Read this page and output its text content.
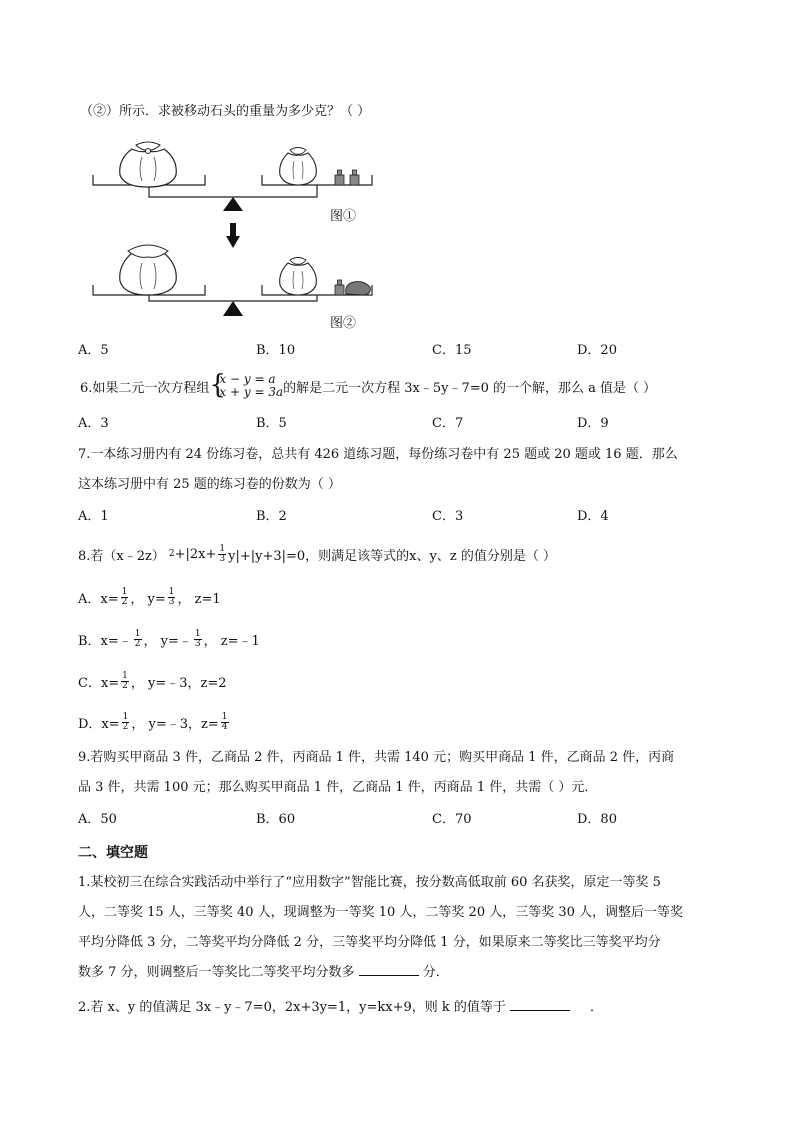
（②）所示．求被移动石头的重量为多少克？（ ）
图①
图②
A．5	B．10	C．15	D．20
6.如果二元一次方程组 {
x − y = a
x + y = 3a 的解是二元一次方程 3x﹣5y﹣7=0 的一个解，那么 a 值是（ ）
A．3	B．5	C．7	D．9
7.一本练习册内有 24 份练习卷，总共有 426 道练习题，每份练习卷中有 25 题或 20 题或 16 题．那么
这本练习册中有 25 题的练习卷的份数为（ ）
A．1	B．2	C．3	D．4
8.若（x﹣2z） $2 +|2x+ \frac{1}{3} y|+|y+3|=0$，则满足该等式的x、y、z 的值分别是（ ）
A．$x= \frac{1}{2}$ ， $y= \frac{1}{3}$ ， z=1
B．x=﹣ $\frac{1}{2}$ ， y=﹣ $\frac{1}{3}$ ， z=﹣1
C．$x= \frac{1}{2}$ ， y=﹣3，z=2
D．$x= \frac{1}{2}$ ， y=﹣3，$z= \frac{1}{4}$
9.若购买甲商品 3 件，乙商品 2 件，丙商品 1 件，共需 140 元；购买甲商品 1 件，乙商品 2 件，丙商
品 3 件，共需 100 元；那么购买甲商品 1 件，乙商品 1 件，丙商品 1 件，共需（ ）元．
A．50	B．60	C．70	D．80
二、填空题
1.某校初三在综合实践活动中举行了“应用数字”智能比赛，按分数高低取前 60 名获奖，原定一等奖 5
人，二等奖 15 人，三等奖 40 人，现调整为一等奖 10 人，二等奖 20 人，三等奖 30 人，调整后一等奖
平均分降低 3 分，二等奖平均分降低 2 分，三等奖平均分降低 1 分，如果原来二等奖比三等奖平均分
数多 7 分，则调整后一等奖比二等奖平均分数多	分．
2.若 x、y 的值满足 3x﹣y﹣7=0，2x+3y=1，y=kx+9，则 k 的值等于	．
